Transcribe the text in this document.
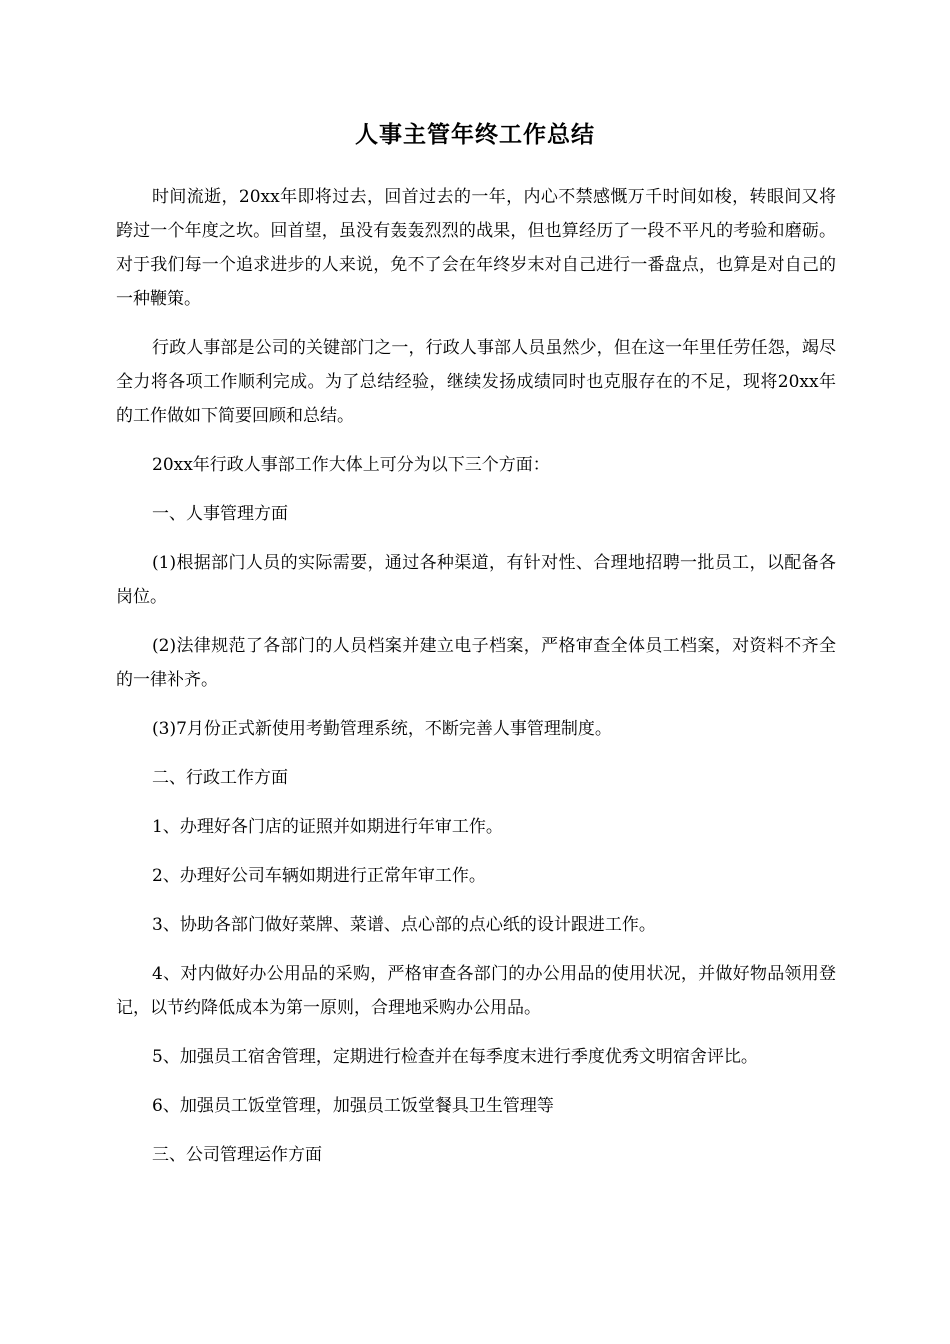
人事主管年终工作总结

时间流逝，20xx年即将过去，回首过去的一年，内心不禁感慨万千时间如梭，转眼间又将跨过一个年度之坎。回首望，虽没有轰轰烈烈的战果，但也算经历了一段不平凡的考验和磨砺。对于我们每一个追求进步的人来说，免不了会在年终岁末对自己进行一番盘点，也算是对自己的一种鞭策。

行政人事部是公司的关键部门之一，行政人事部人员虽然少，但在这一年里任劳任怨，竭尽全力将各项工作顺利完成。为了总结经验，继续发扬成绩同时也克服存在的不足，现将20xx年的工作做如下简要回顾和总结。

20xx年行政人事部工作大体上可分为以下三个方面：

一、人事管理方面

(1)根据部门人员的实际需要，通过各种渠道，有针对性、合理地招聘一批员工，以配备各岗位。

(2)法律规范了各部门的人员档案并建立电子档案，严格审查全体员工档案，对资料不齐全的一律补齐。

(3)7月份正式新使用考勤管理系统，不断完善人事管理制度。

二、行政工作方面

1、办理好各门店的证照并如期进行年审工作。

2、办理好公司车辆如期进行正常年审工作。

3、协助各部门做好菜牌、菜谱、点心部的点心纸的设计跟进工作。

4、对内做好办公用品的采购，严格审查各部门的办公用品的使用状况，并做好物品领用登记，以节约降低成本为第一原则，合理地采购办公用品。

5、加强员工宿舍管理，定期进行检查并在每季度末进行季度优秀文明宿舍评比。

6、加强员工饭堂管理，加强员工饭堂餐具卫生管理等

三、公司管理运作方面
